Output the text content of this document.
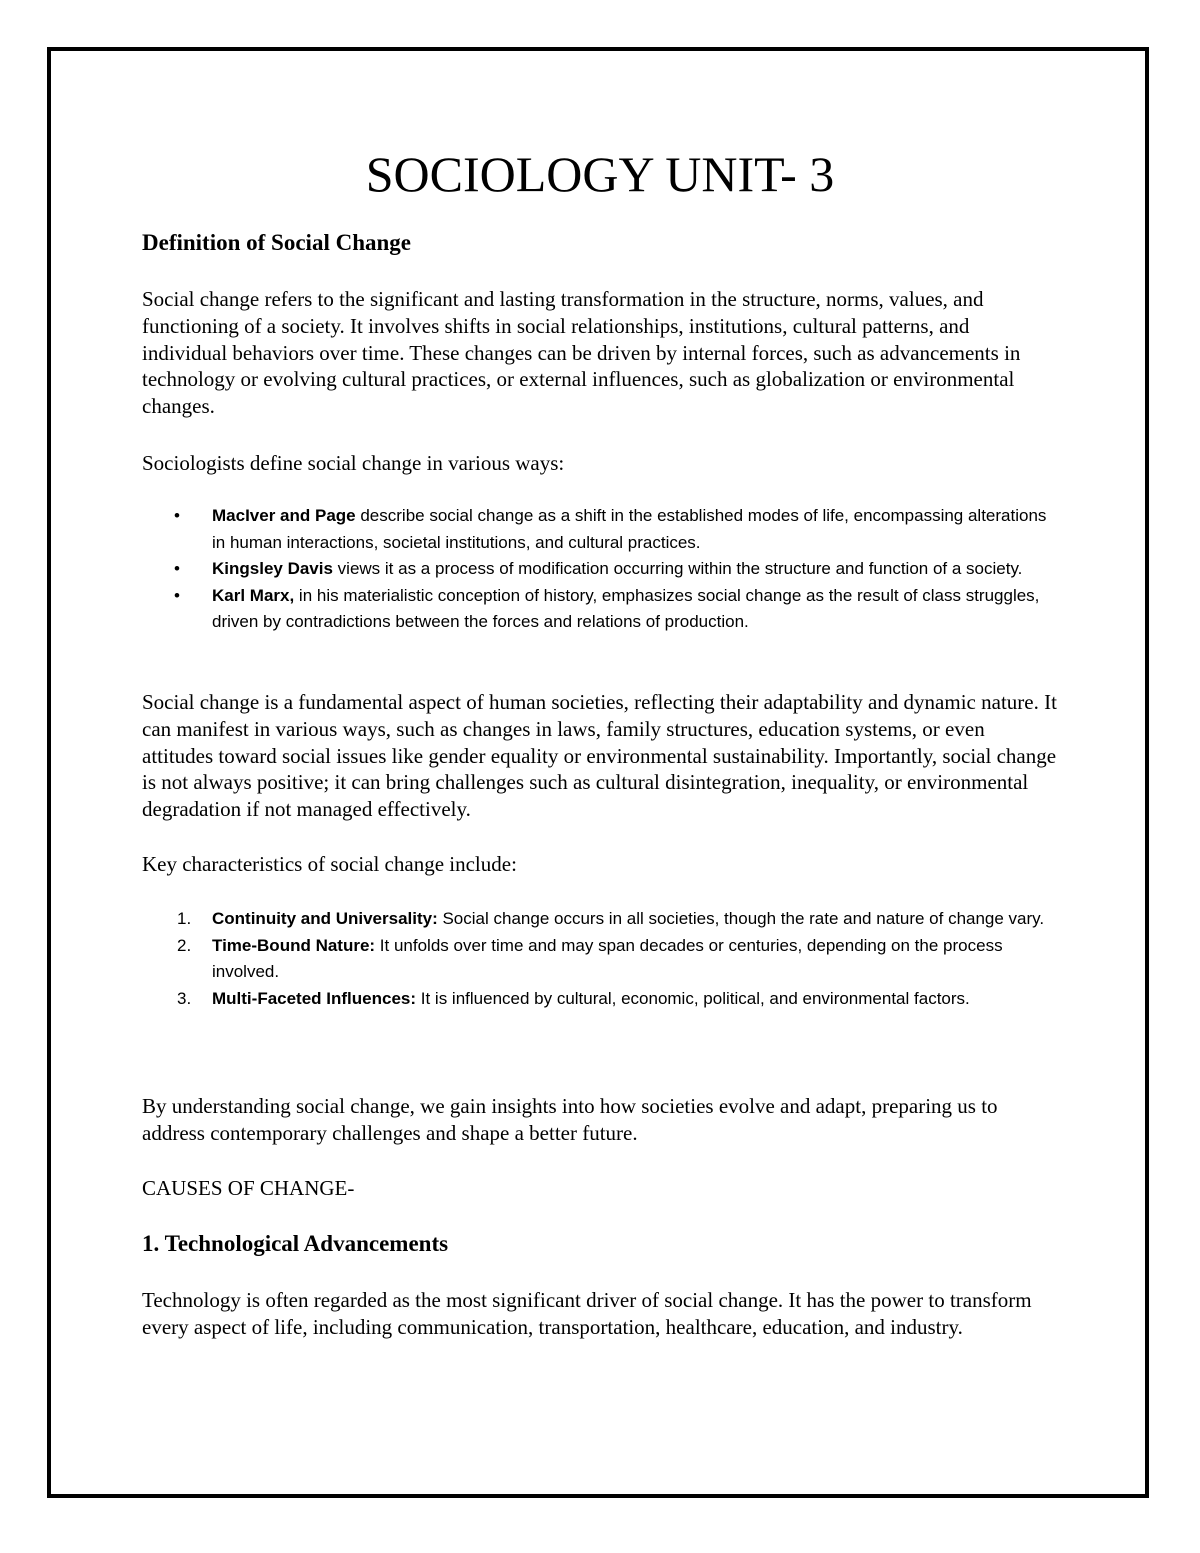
SOCIOLOGY UNIT- 3
Definition of Social Change

Social change refers to the significant and lasting transformation in the structure, norms, values, and functioning of a society. It involves shifts in social relationships, institutions, cultural patterns, and individual behaviors over time. These changes can be driven by internal forces, such as advancements in technology or evolving cultural practices, or external influences, such as globalization or environmental changes.

Sociologists define social change in various ways:

• MacIver and Page describe social change as a shift in the established modes of life, encompassing alterations in human interactions, societal institutions, and cultural practices.
• Kingsley Davis views it as a process of modification occurring within the structure and function of a society.
• Karl Marx, in his materialistic conception of history, emphasizes social change as the result of class struggles, driven by contradictions between the forces and relations of production.

Social change is a fundamental aspect of human societies, reflecting their adaptability and dynamic nature. It can manifest in various ways, such as changes in laws, family structures, education systems, or even attitudes toward social issues like gender equality or environmental sustainability. Importantly, social change is not always positive; it can bring challenges such as cultural disintegration, inequality, or environmental degradation if not managed effectively.

Key characteristics of social change include:

1. Continuity and Universality: Social change occurs in all societies, though the rate and nature of change vary.
2. Time-Bound Nature: It unfolds over time and may span decades or centuries, depending on the process involved.
3. Multi-Faceted Influences: It is influenced by cultural, economic, political, and environmental factors.

By understanding social change, we gain insights into how societies evolve and adapt, preparing us to address contemporary challenges and shape a better future.

CAUSES OF CHANGE-

1. Technological Advancements

Technology is often regarded as the most significant driver of social change. It has the power to transform every aspect of life, including communication, transportation, healthcare, education, and industry.
